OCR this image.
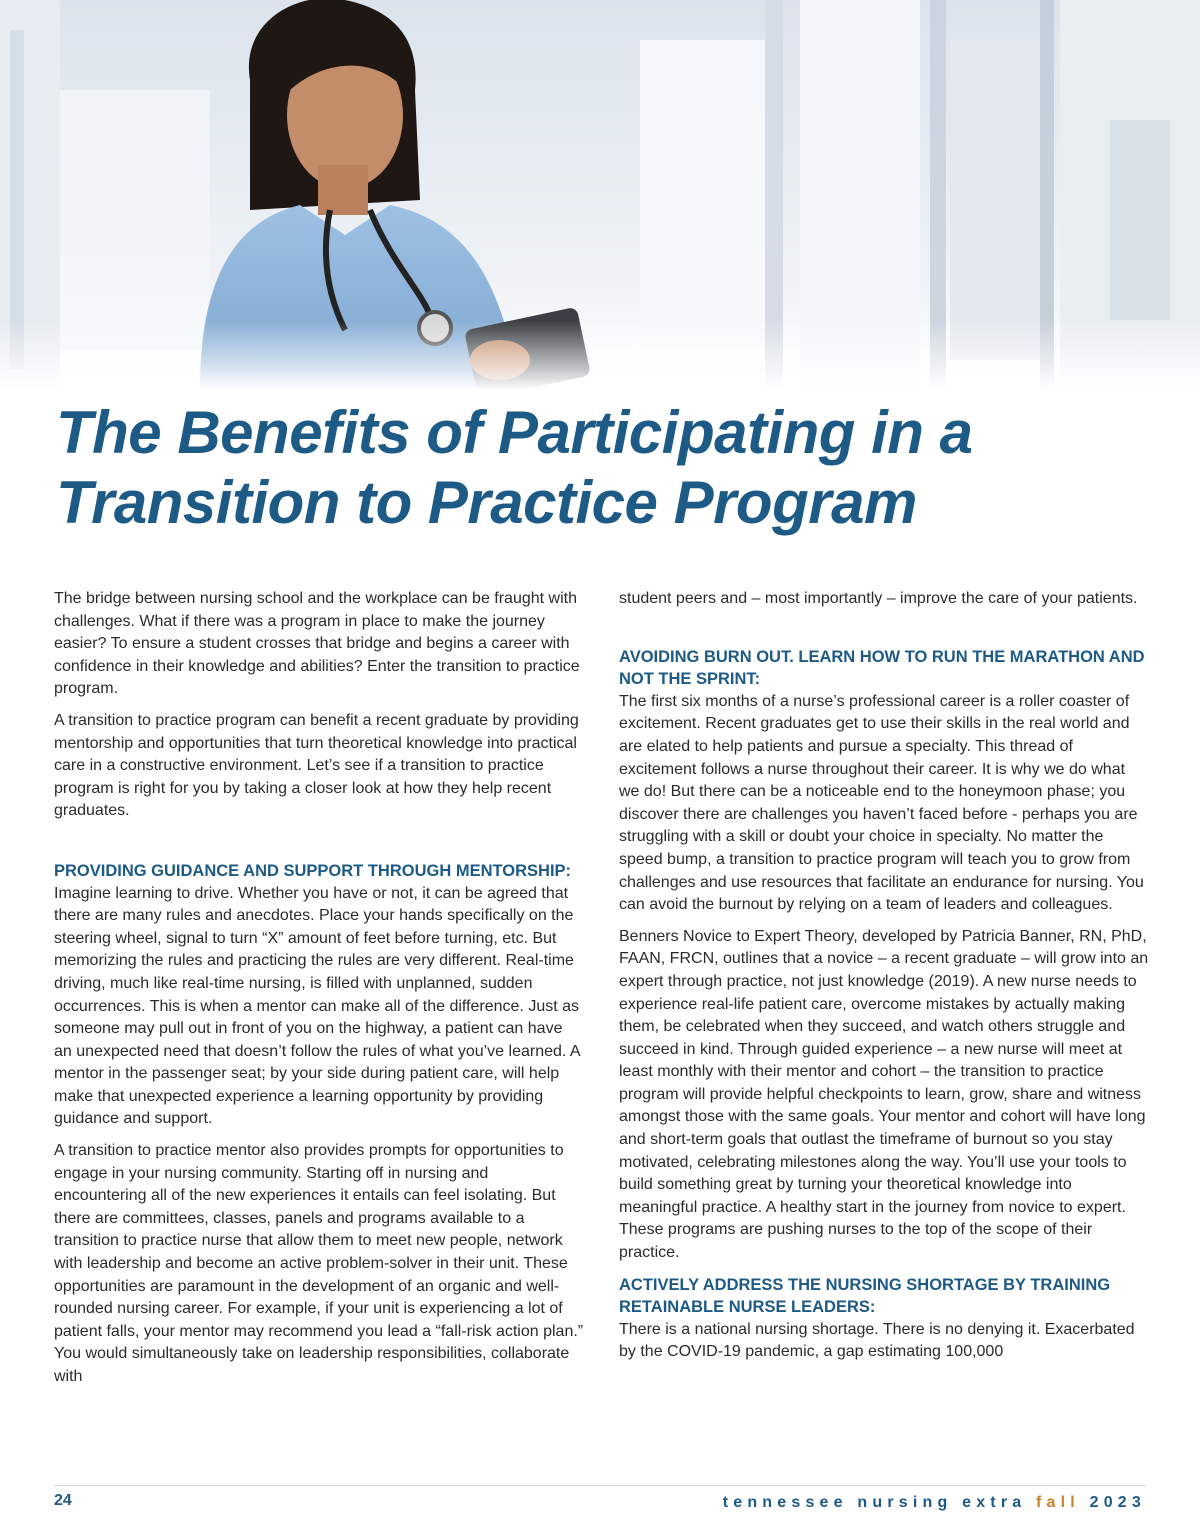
The Benefits of Participating in a
Transition to Practice Program

The bridge between nursing school and the workplace can be fraught with challenges. What if there was a program in place to make the journey easier? To ensure a student crosses that bridge and begins a career with confidence in their knowledge and abilities? Enter the transition to practice program.

A transition to practice program can benefit a recent graduate by providing mentorship and opportunities that turn theoretical knowledge into practical care in a constructive environment. Let’s see if a transition to practice program is right for you by taking a closer look at how they help recent graduates.

PROVIDING GUIDANCE AND SUPPORT THROUGH MENTORSHIP:

Imagine learning to drive. Whether you have or not, it can be agreed that there are many rules and anecdotes. Place your hands specifically on the steering wheel, signal to turn “X” amount of feet before turning, etc. But memorizing the rules and practicing the rules are very different. Real-time driving, much like real-time nursing, is filled with unplanned, sudden occurrences. This is when a mentor can make all of the difference. Just as someone may pull out in front of you on the highway, a patient can have an unexpected need that doesn’t follow the rules of what you’ve learned. A mentor in the passenger seat; by your side during patient care, will help make that unexpected experience a learning opportunity by providing guidance and support.

A transition to practice mentor also provides prompts for opportunities to engage in your nursing community. Starting off in nursing and encountering all of the new experiences it entails can feel isolating. But there are committees, classes, panels and programs available to a transition to practice nurse that allow them to meet new people, network with leadership and become an active problem-solver in their unit. These opportunities are paramount in the development of an organic and well-rounded nursing career. For example, if your unit is experiencing a lot of patient falls, your mentor may recommend you lead a “fall-risk action plan.” You would simultaneously take on leadership responsibilities, collaborate with

student peers and – most importantly – improve the care of your patients.

AVOIDING BURN OUT. LEARN HOW TO RUN THE MARATHON AND NOT THE SPRINT:

The first six months of a nurse’s professional career is a roller coaster of excitement. Recent graduates get to use their skills in the real world and are elated to help patients and pursue a specialty. This thread of excitement follows a nurse throughout their career. It is why we do what we do! But there can be a noticeable end to the honeymoon phase; you discover there are challenges you haven’t faced before - perhaps you are struggling with a skill or doubt your choice in specialty. No matter the speed bump, a transition to practice program will teach you to grow from challenges and use resources that facilitate an endurance for nursing. You can avoid the burnout by relying on a team of leaders and colleagues.

Benners Novice to Expert Theory, developed by Patricia Banner, RN, PhD, FAAN, FRCN, outlines that a novice – a recent graduate – will grow into an expert through practice, not just knowledge (2019). A new nurse needs to experience real-life patient care, overcome mistakes by actually making them, be celebrated when they succeed, and watch others struggle and succeed in kind. Through guided experience – a new nurse will meet at least monthly with their mentor and cohort – the transition to practice program will provide helpful checkpoints to learn, grow, share and witness amongst those with the same goals. Your mentor and cohort will have long and short-term goals that outlast the timeframe of burnout so you stay motivated, celebrating milestones along the way. You’ll use your tools to build something great by turning your theoretical knowledge into meaningful practice. A healthy start in the journey from novice to expert. These programs are pushing nurses to the top of the scope of their practice.

ACTIVELY ADDRESS THE NURSING SHORTAGE BY TRAINING RETAINABLE NURSE LEADERS:

There is a national nursing shortage. There is no denying it. Exacerbated by the COVID-19 pandemic, a gap estimating 100,000

24	tennessee nursing extra fall 2023
